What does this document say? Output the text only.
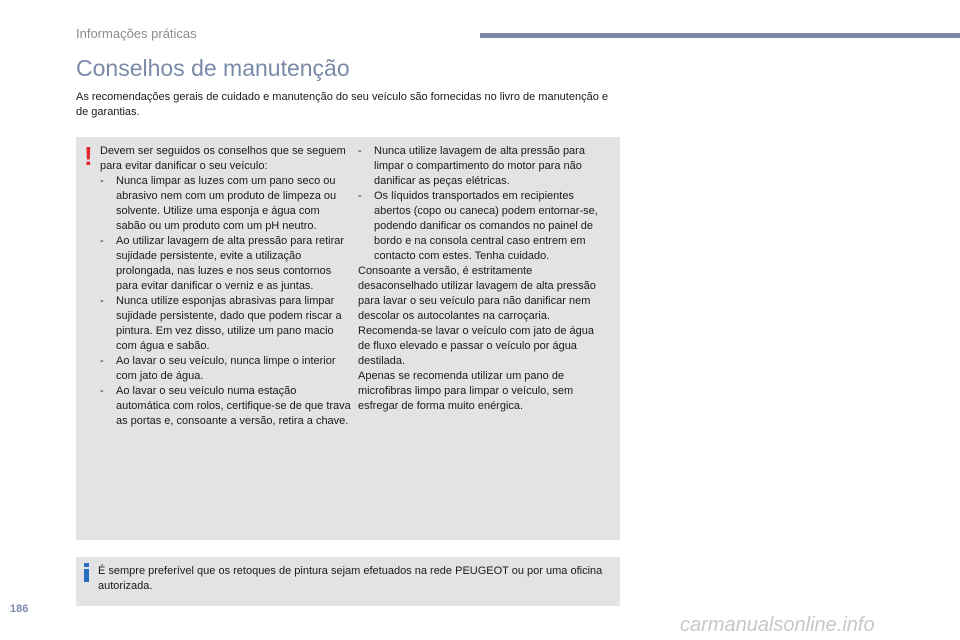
Informações práticas
Conselhos de manutenção
As recomendações gerais de cuidado e manutenção do seu veículo são fornecidas no livro de manutenção e de garantias.
! Devem ser seguidos os conselhos que se seguem para evitar danificar o seu veículo:

- Nunca limpar as luzes com um pano seco ou abrasivo nem com um produto de limpeza ou solvente. Utilize uma esponja e água com sabão ou um produto com um pH neutro.
- Ao utilizar lavagem de alta pressão para retirar sujidade persistente, evite a utilização prolongada, nas luzes e nos seus contornos para evitar danificar o verniz e as juntas.
- Nunca utilize esponjas abrasivas para limpar sujidade persistente, dado que podem riscar a pintura. Em vez disso, utilize um pano macio com água e sabão.
- Ao lavar o seu veículo, nunca limpe o interior com jato de água.
- Ao lavar o seu veículo numa estação automática com rolos, certifique-se de que trava as portas e, consoante a versão, retira a chave.
- Nunca utilize lavagem de alta pressão para limpar o compartimento do motor para não danificar as peças elétricas.
- Os líquidos transportados em recipientes abertos (copo ou caneca) podem entornar-se, podendo danificar os comandos no painel de bordo e na consola central caso entrem em contacto com estes. Tenha cuidado.

Consoante a versão, é estritamente desaconselhado utilizar lavagem de alta pressão para lavar o seu veículo para não danificar nem descolar os autocolantes na carroçaria. Recomenda-se lavar o veículo com jato de água de fluxo elevado e passar o veículo por água destilada.

Apenas se recomenda utilizar um pano de microfibras limpo para limpar o veículo, sem esfregar de forma muito enérgica.

É sempre preferível que os retoques de pintura sejam efetuados na rede PEUGEOT ou por uma oficina autorizada.
186
carmanualsonline.info
